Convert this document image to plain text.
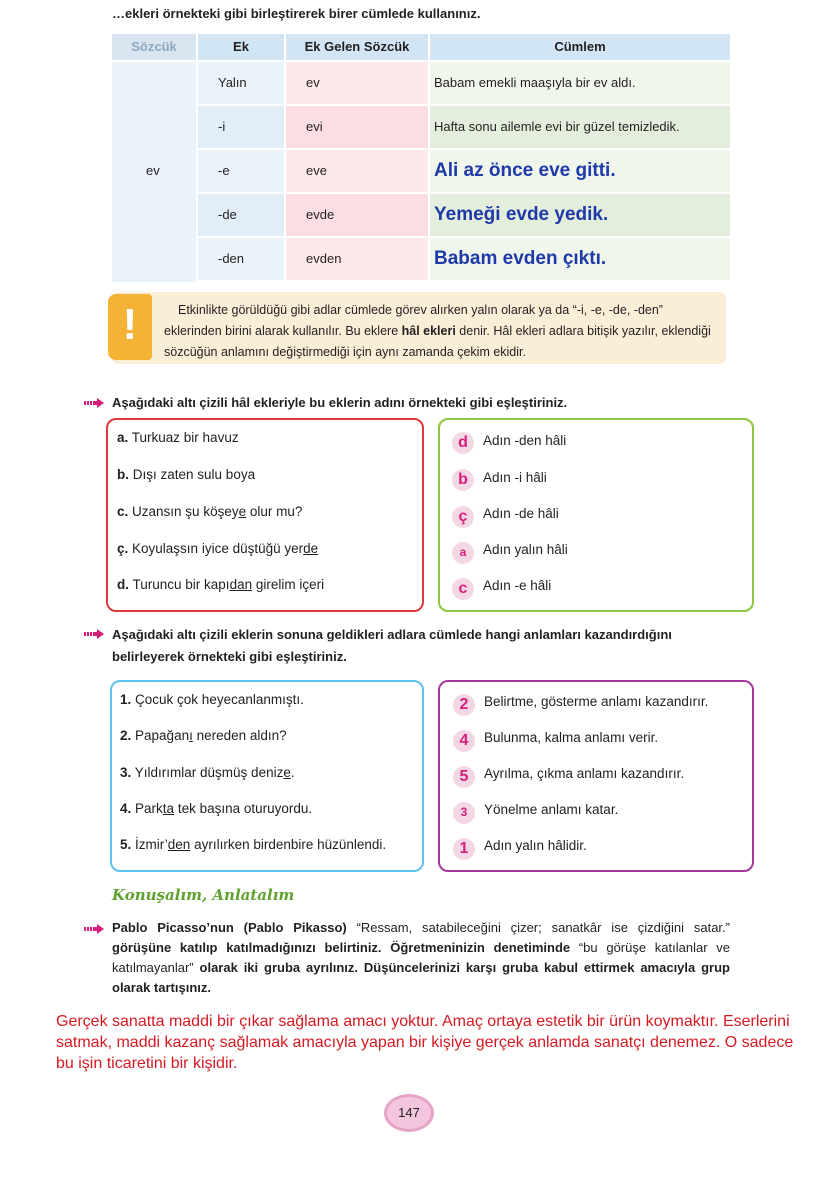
…ekleri örnekteki gibi birleştirerek birer cümlede kullanınız.
Sözcük	Ek	Ek Gelen Sözcük	Cümlem
ev
Yalın	ev	Babam emekli maaşıyla bir ev aldı.
-i	evi	Hafta sonu ailemle evi bir güzel temizledik.
-e	eve	Ali az önce eve gitti.
-de	evde	Yemeği evde yedik.
-den	evden	Babam evden çıktı.
!	Etkinlikte görüldüğü gibi adlar cümlede görev alırken yalın olarak ya da “-i, -e, -de, -den” eklerinden birini alarak kullanılır. Bu eklere hâl ekleri denir. Hâl ekleri adlara bitişik yazılır, eklendiği sözcüğün anlamını değiştirmediği için aynı zamanda çekim ekidir.
Aşağıdaki altı çizili hâl ekleriyle bu eklerin adını örnekteki gibi eşleştiriniz.
a. Turkuaz bir havuz
b. Dışı zaten sulu boya
c. Uzansın şu köşeye olur mu?
ç. Koyulaşsın iyice düştüğü yerde
d. Turuncu bir kapıdan girelim içeri
d	Adın -den hâli
b	Adın -i hâli
ç	Adın -de hâli
a	Adın yalın hâli
c	Adın -e hâli
Aşağıdaki altı çizili eklerin sonuna geldikleri adlara cümlede hangi anlamları kazandırdığını belirleyerek örnekteki gibi eşleştiriniz.
1. Çocuk çok heyecanlanmıştı.
2. Papağanı nereden aldın?
3. Yıldırımlar düşmüş denize.
4. Parkta tek başına oturuyordu.
5. İzmir’den ayrılırken birdenbire hüzünlendi.
2	Belirtme, gösterme anlamı kazandırır.
4	Bulunma, kalma anlamı verir.
5	Ayrılma, çıkma anlamı kazandırır.
3	Yönelme anlamı katar.
1	Adın yalın hâlidir.
Konuşalım, Anlatalım
Pablo Picasso’nun (Pablo Pikasso) “Ressam, satabileceğini çizer; sanatkâr ise çizdiğini satar.” görüşüne katılıp katılmadığınızı belirtiniz. Öğretmeninizin denetiminde “bu görüşe katılanlar ve katılmayanlar” olarak iki gruba ayrılınız. Düşüncelerinizi karşı gruba kabul ettirmek amacıyla grup olarak tartışınız.
Gerçek sanatta maddi bir çıkar sağlama amacı yoktur. Amaç ortaya estetik bir ürün koymaktır. Eserlerini satmak, maddi kazanç sağlamak amacıyla yapan bir kişiye gerçek anlamda sanatçı denemez. O sadece bu işin ticaretini bir kişidir.
147
